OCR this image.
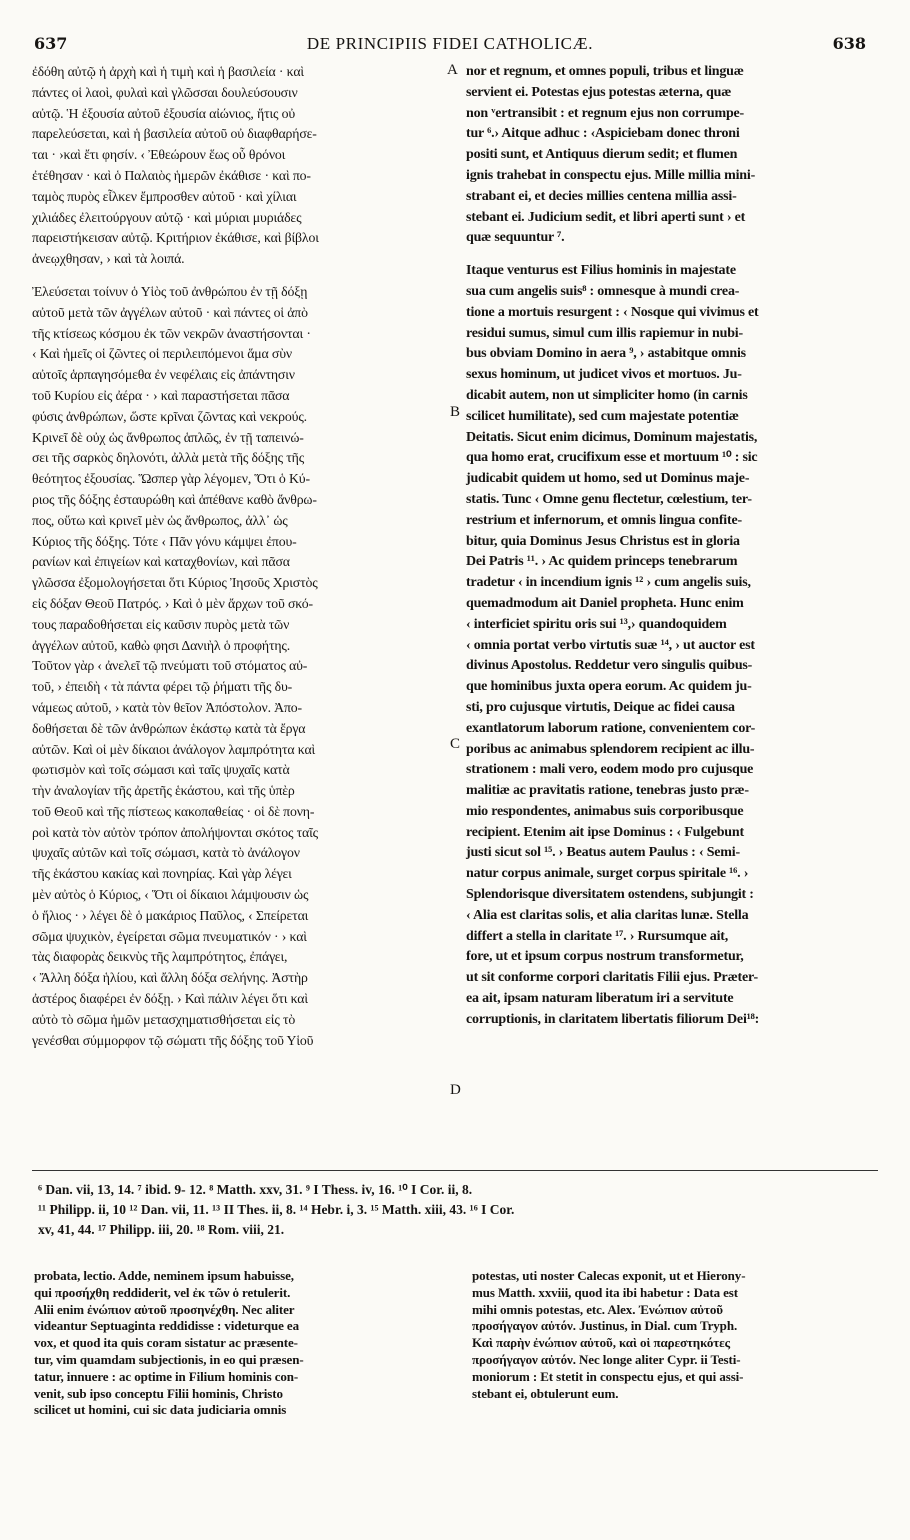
637	DE PRINCIPIIS FIDEI CATHOLICÆ.	638
ἐδόθη αὐτῷ ἡ ἀρχὴ καὶ ἡ τιμὴ καὶ ἡ βασιλεία · καὶ
πάντες οἱ λαοὶ, φυλαὶ καὶ γλῶσσαι δουλεύσουσιν
αὐτῷ. Ἡ ἐξουσία αὐτοῦ ἐξουσία αἰώνιος, ἥτις οὐ
παρελεύσεται, καὶ ἡ βασιλεία αὐτοῦ οὐ διαφθαρήσε-
ται · ›καὶ ἔτι φησίν. ‹ Ἐθεώρουν ἕως οὗ θρόνοι
ἐτέθησαν · καὶ ὁ Παλαιὸς ἡμερῶν ἐκάθισε · καὶ πο-
ταμὸς πυρὸς εἷλκεν ἔμπροσθεν αὐτοῦ · καὶ χίλιαι
χιλιάδες ἐλειτούργουν αὐτῷ · καὶ μύριαι μυριάδες
παρειστήκεισαν αὐτῷ. Κριτήριον ἐκάθισε, καὶ βίβλοι
ἀνεῳχθησαν, › καὶ τὰ λοιπά.
Ἐλεύσεται τοίνυν ὁ Υἱὸς τοῦ ἀνθρώπου ἐν τῇ δόξῃ
αὐτοῦ μετὰ τῶν ἀγγέλων αὐτοῦ · καὶ πάντες οἱ ἀπὸ
τῆς κτίσεως κόσμου ἐκ τῶν νεκρῶν ἀναστήσονται ·
‹ Καὶ ἡμεῖς οἱ ζῶντες οἱ περιλειπόμενοι ἅμα σὺν
αὐτοῖς ἁρπαγησόμεθα ἐν νεφέλαις εἰς ἀπάντησιν
τοῦ Κυρίου εἰς ἀέρα · › καὶ παραστήσεται πᾶσα
φύσις ἀνθρώπων, ὥστε κρῖναι ζῶντας καὶ νεκρούς.
Κρινεῖ δὲ οὐχ ὡς ἄνθρωπος ἁπλῶς, ἐν τῇ ταπεινώ-
σει τῆς σαρκὸς δηλονότι, ἀλλὰ μετὰ τῆς δόξης τῆς
θεότητος ἐξουσίας. Ὥσπερ γὰρ λέγομεν, Ὅτι ὁ Κύ-
ριος τῆς δόξης ἐσταυρώθη καὶ ἀπέθανε καθὸ ἄνθρω-
πος, οὕτω καὶ κρινεῖ μὲν ὡς ἄνθρωπος, ἀλλ᾽ ὡς
Κύριος τῆς δόξης. Τότε ‹ Πᾶν γόνυ κάμψει ἐπου-
ρανίων καὶ ἐπιγείων καὶ καταχθονίων, καὶ πᾶσα
γλῶσσα ἐξομολογήσεται ὅτι Κύριος Ἰησοῦς Χριστὸς
εἰς δόξαν Θεοῦ Πατρός. › Καὶ ὁ μὲν ἄρχων τοῦ σκό-
τους παραδοθήσεται εἰς καῦσιν πυρὸς μετὰ τῶν
ἀγγέλων αὐτοῦ, καθὼ φησι Δανιὴλ ὁ προφήτης.
Τοῦτον γὰρ ‹ ἀνελεῖ τῷ πνεύματι τοῦ στόματος αὐ-
τοῦ, › ἐπειδὴ ‹ τὰ πάντα φέρει τῷ ῥήματι τῆς δυ-
νάμεως αὐτοῦ, › κατὰ τὸν θεῖον Ἀπόστολον. Ἀπο-
δοθήσεται δὲ τῶν ἀνθρώπων ἑκάστῳ κατὰ τὰ ἔργα
αὐτῶν. Καὶ οἱ μὲν δίκαιοι ἀνάλογον λαμπρότητα καὶ
φωτισμὸν καὶ τοῖς σώμασι καὶ ταῖς ψυχαῖς κατὰ
τὴν ἀναλογίαν τῆς ἀρετῆς ἑκάστου, καὶ τῆς ὑπὲρ
τοῦ Θεοῦ καὶ τῆς πίστεως κακοπαθείας · οἱ δὲ πονη-
ροὶ κατὰ τὸν αὐτὸν τρόπον ἀπολήψονται σκότος ταῖς
ψυχαῖς αὐτῶν καὶ τοῖς σώμασι, κατὰ τὸ ἀνάλογον
τῆς ἑκάστου κακίας καὶ πονηρίας. Καὶ γὰρ λέγει
μὲν αὐτὸς ὁ Κύριος, ‹ Ὅτι οἱ δίκαιοι λάμψουσιν ὡς
ὁ ἥλιος · › λέγει δὲ ὁ μακάριος Παῦλος, ‹ Σπείρεται
σῶμα ψυχικὸν, ἐγείρεται σῶμα πνευματικόν · › καὶ
τὰς διαφορὰς δεικνὺς τῆς λαμπρότητος, ἐπάγει,
‹ Ἄλλη δόξα ἡλίου, καὶ ἄλλη δόξα σελήνης. Ἀστὴρ
ἀστέρος διαφέρει ἐν δόξῃ. › Καὶ πάλιν λέγει ὅτι καὶ
αὐτὸ τὸ σῶμα ἡμῶν μετασχηματισθήσεται εἰς τὸ
γενέσθαι σύμμορφον τῷ σώματι τῆς δόξης τοῦ Υἱοῦ
nor et regnum, et omnes populi, tribus et linguæ
servient ei. Potestas ejus potestas æterna, quæ
non ᵛertransibit : et regnum ejus non corrumpe-
tur ⁶.› Aitque adhuc : ‹Aspiciebam donec throni
positi sunt, et Antiquus dierum sedit; et flumen
ignis trahebat in conspectu ejus. Mille millia mini-
strabant ei, et decies millies centena millia assi-
stebant ei. Judicium sedit, et libri aperti sunt › et
quæ sequuntur ⁷.
Itaque venturus est Filius hominis in majestate
sua cum angelis suis⁸ : omnesque à mundi crea-
tione a mortuis resurgent : ‹ Nosque qui vivimus et
residui sumus, simul cum illis rapiemur in nubi-
bus obviam Domino in aera ⁹, › astabitque omnis
sexus hominum, ut judicet vivos et mortuos. Ju-
dicabit autem, non ut simpliciter homo (in carnis
scilicet humilitate), sed cum majestate potentiæ
Deitatis. Sicut enim dicimus, Dominum majestatis,
qua homo erat, crucifixum esse et mortuum ¹⁰ : sic
judicabit quidem ut homo, sed ut Dominus maje-
statis. Tunc ‹ Omne genu flectetur, cœlestium, ter-
restrium et infernorum, et omnis lingua confite-
bitur, quia Dominus Jesus Christus est in gloria
Dei Patris ¹¹. › Ac quidem princeps tenebrarum
tradetur ‹ in incendium ignis ¹² › cum angelis suis,
quemadmodum ait Daniel propheta. Hunc enim
‹ interficiet spiritu oris sui ¹³,› quandoquidem
‹ omnia portat verbo virtutis suæ ¹⁴, › ut auctor est
divinus Apostolus. Reddetur vero singulis quibus-
que hominibus juxta opera eorum. Ac quidem ju-
sti, pro cujusque virtutis, Deique ac fidei causa
exantlatorum laborum ratione, convenientem cor-
poribus ac animabus splendorem recipient ac illu-
strationem : mali vero, eodem modo pro cujusque
malitiæ ac pravitatis ratione, tenebras justo præ-
mio respondentes, animabus suis corporibusque
recipient. Etenim ait ipse Dominus : ‹ Fulgebunt
justi sicut sol ¹⁵. › Beatus autem Paulus : ‹ Semi-
natur corpus animale, surget corpus spiritale ¹⁶. ›
Splendorisque diversitatem ostendens, subjungit :
‹ Alia est claritas solis, et alia claritas lunæ. Stella
differt a stella in claritate ¹⁷. › Rursumque ait,
fore, ut et ipsum corpus nostrum transformetur,
ut sit conforme corpori claritatis Filii ejus. Præter-
ea ait, ipsam naturam liberatum iri a servitute
corruptionis, in claritatem libertatis filiorum Dei¹⁸:
A
B
C
D
⁶ Dan. vii, 13, 14. ⁷ ibid. 9- 12. ⁸ Matth. xxv, 31. ⁹ I Thess. iv, 16. ¹⁰ I Cor. ii, 8.
¹¹ Philipp. ii, 10 ¹² Dan. vii, 11. ¹³ II Thes. ii, 8. ¹⁴ Hebr. i, 3. ¹⁵ Matth. xiii, 43. ¹⁶ I Cor.
xv, 41, 44. ¹⁷ Philipp. iii, 20. ¹⁸ Rom. viii, 21.
probata, lectio. Adde, neminem ipsum habuisse,
qui προσήχθη reddiderit, vel ἐκ τῶν ὁ retulerit.
Alii enim ἐνώπιον αὐτοῦ προσηνέχθη. Nec aliter
videantur Septuaginta reddidisse : videturque ea
vox, et quod ita quis coram sistatur ac præsente-
tur, vim quamdam subjectionis, in eo qui præsen-
tatur, innuere : ac optime in Filium hominis con-
venit, sub ipso conceptu Filii hominis, Christo
scilicet ut homini, cui sic data judiciaria omnis
potestas, uti noster Calecas exponit, ut et Hierony-
mus Matth. xxviii, quod ita ibi habetur : Data est
mihi omnis potestas, etc. Alex. Ἐνώπιον αὐτοῦ
προσήγαγον αὐτόν. Justinus, in Dial. cum Tryph.
Καὶ παρὴν ἐνώπιον αὐτοῦ, καὶ οἱ παρεστηκότες
προσήγαγον αὐτόν. Nec longe aliter Cypr. ii Testi-
moniorum : Et stetit in conspectu ejus, et qui assi-
stebant ei, obtulerunt eum.
